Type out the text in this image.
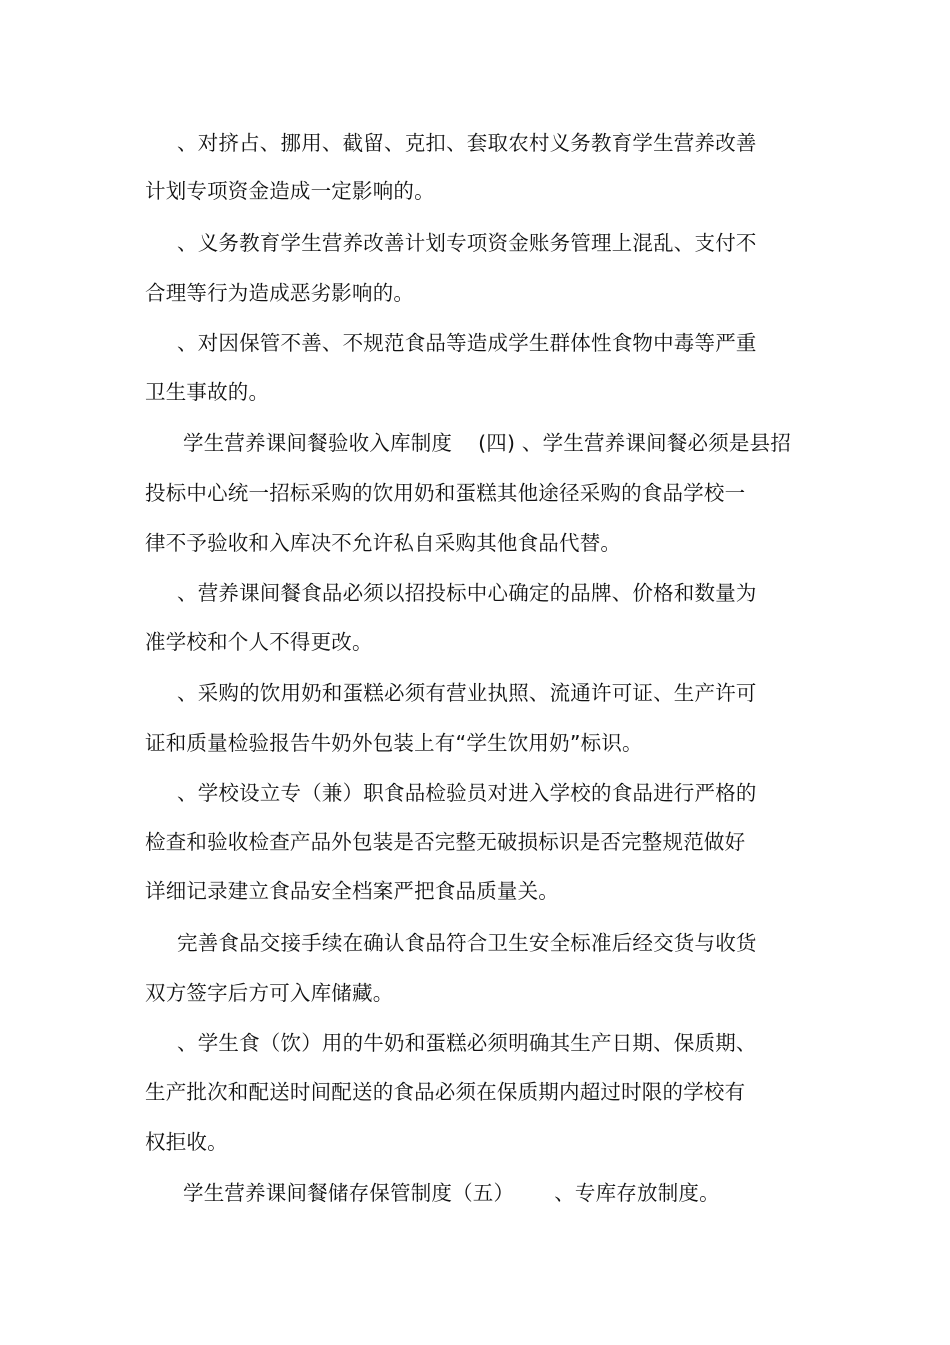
、对挤占、挪用、截留、克扣、套取农村义务教育学生营养改善
计划专项资金造成一定影响的。
、义务教育学生营养改善计划专项资金账务管理上混乱、支付不
合理等行为造成恶劣影响的。
、对因保管不善、不规范食品等造成学生群体性食物中毒等严重
卫生事故的。
学生营养课间餐验收入库制度 (四) 、学生营养课间餐必须是县招
投标中心统一招标采购的饮用奶和蛋糕其他途径采购的食品学校一
律不予验收和入库决不允许私自采购其他食品代替。
、营养课间餐食品必须以招投标中心确定的品牌、价格和数量为
准学校和个人不得更改。
、采购的饮用奶和蛋糕必须有营业执照、流通许可证、生产许可
证和质量检验报告牛奶外包装上有“学生饮用奶”标识。
、学校设立专（兼）职食品检验员对进入学校的食品进行严格的
检查和验收检查产品外包装是否完整无破损标识是否完整规范做好
详细记录建立食品安全档案严把食品质量关。
完善食品交接手续在确认食品符合卫生安全标准后经交货与收货
双方签字后方可入库储藏。
、学生食（饮）用的牛奶和蛋糕必须明确其生产日期、保质期、
生产批次和配送时间配送的食品必须在保质期内超过时限的学校有
权拒收。
学生营养课间餐储存保管制度（五） 、专库存放制度。
